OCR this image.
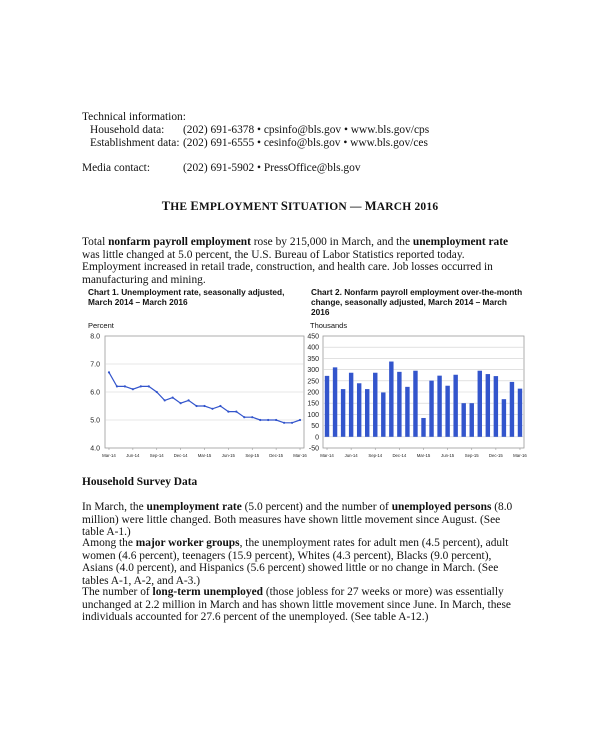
Technical information:
Household data: (202) 691-6378 • cpsinfo@bls.gov • www.bls.gov/cps
Establishment data: (202) 691-6555 • cesinfo@bls.gov • www.bls.gov/ces
Media contact:	(202) 691-5902 • PressOffice@bls.gov
THE EMPLOYMENT SITUATION — MARCH 2016
Total nonfarm payroll employment rose by 215,000 in March, and the unemployment rate was little changed at 5.0 percent, the U.S. Bureau of Labor Statistics reported today. Employment increased in retail trade, construction, and health care. Job losses occurred in manufacturing and mining.
Chart 1. Unemployment rate, seasonally adjusted, March 2014 – March 2016
Percent
8.0
7.0
6.0
5.0
4.0
Mar-14 Jun-14 Sep-14 Dec-14 Mar-15 Jun-15 Sep-15 Dec-15 Mar-16
Chart 2. Nonfarm payroll employment over-the-month change, seasonally adjusted, March 2014 – March 2016
Thousands
450
400
350
300
250
200
150
100
50
0
-50
Mar-14 Jun-14 Sep-14 Dec-14 Mar-15 Jun-15 Sep-15 Dec-15 Mar-16
Household Survey Data
In March, the unemployment rate (5.0 percent) and the number of unemployed persons (8.0 million) were little changed. Both measures have shown little movement since August. (See table A-1.)
Among the major worker groups, the unemployment rates for adult men (4.5 percent), adult women (4.6 percent), teenagers (15.9 percent), Whites (4.3 percent), Blacks (9.0 percent), Asians (4.0 percent), and Hispanics (5.6 percent) showed little or no change in March. (See tables A-1, A-2, and A-3.)
The number of long-term unemployed (those jobless for 27 weeks or more) was essentially unchanged at 2.2 million in March and has shown little movement since June. In March, these individuals accounted for 27.6 percent of the unemployed. (See table A-12.)
